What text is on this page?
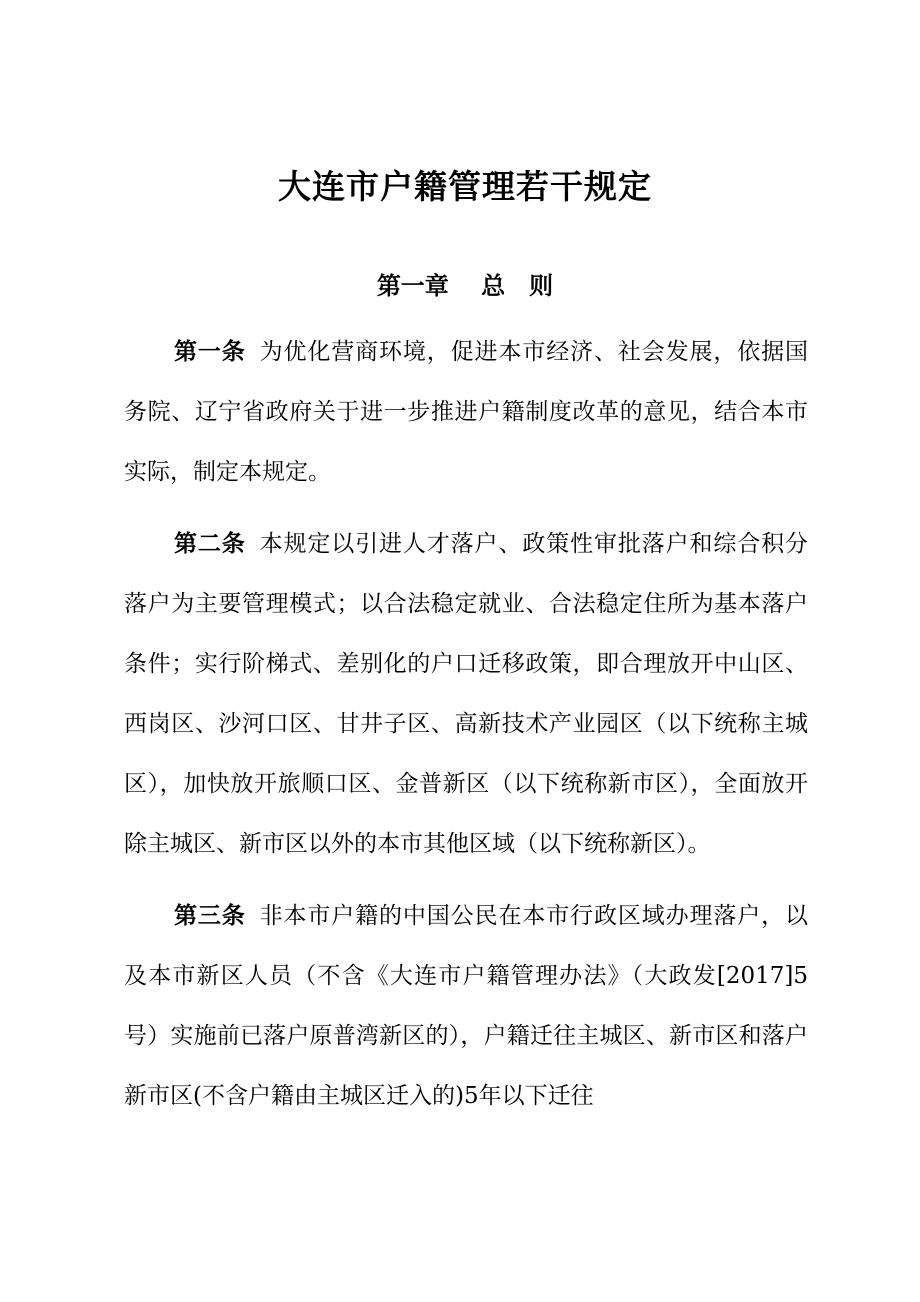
大连市户籍管理若干规定
第一章　 总　则

第一条 为优化营商环境，促进本市经济、社会发展，依据国务院、辽宁省政府关于进一步推进户籍制度改革的意见，结合本市实际，制定本规定。

第二条 本规定以引进人才落户、政策性审批落户和综合积分落户为主要管理模式；以合法稳定就业、合法稳定住所为基本落户条件；实行阶梯式、差别化的户口迁移政策，即合理放开中山区、西岗区、沙河口区、甘井子区、高新技术产业园区（以下统称主城区），加快放开旅顺口区、金普新区（以下统称新市区），全面放开除主城区、新市区以外的本市其他区域（以下统称新区）。

第三条 非本市户籍的中国公民在本市行政区域办理落户，以及本市新区人员（不含《大连市户籍管理办法》（大政发[2017]5号）实施前已落户原普湾新区的），户籍迁往主城区、新市区和落户新市区(不含户籍由主城区迁入的)5年以下迁往
